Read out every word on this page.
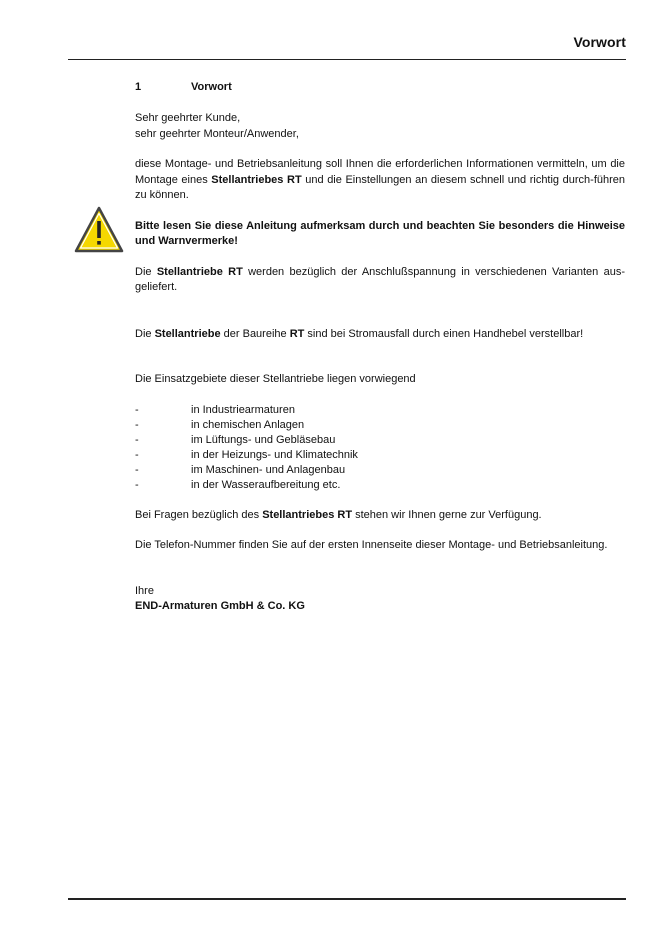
Vorwort
1	Vorwort

Sehr geehrter Kunde,
sehr geehrter Monteur/Anwender,

diese Montage- und Betriebsanleitung soll Ihnen die erforderlichen Informationen vermitteln, um die Montage eines Stellantriebes RT und die Einstellungen an diesem schnell und richtig durch-führen zu können.

Bitte lesen Sie diese Anleitung aufmerksam durch und beachten Sie besonders die Hinweise und Warnvermerke!

Die Stellantriebe RT werden bezüglich der Anschlußspannung in verschiedenen Varianten aus-geliefert.

Die Stellantriebe der Baureihe RT sind bei Stromausfall durch einen Handhebel verstellbar!

Die Einsatzgebiete dieser Stellantriebe liegen vorwiegend

-	in Industriearmaturen
-	in chemischen Anlagen
-	im Lüftungs- und Gebläsebau
-	in der Heizungs- und Klimatechnik
-	im Maschinen- und Anlagenbau
-	in der Wasseraufbereitung etc.

Bei Fragen bezüglich des Stellantriebes RT stehen wir Ihnen gerne zur Verfügung.

Die Telefon-Nummer finden Sie auf der ersten Innenseite dieser Montage- und Betriebsanleitung.

Ihre
END-Armaturen GmbH & Co. KG
